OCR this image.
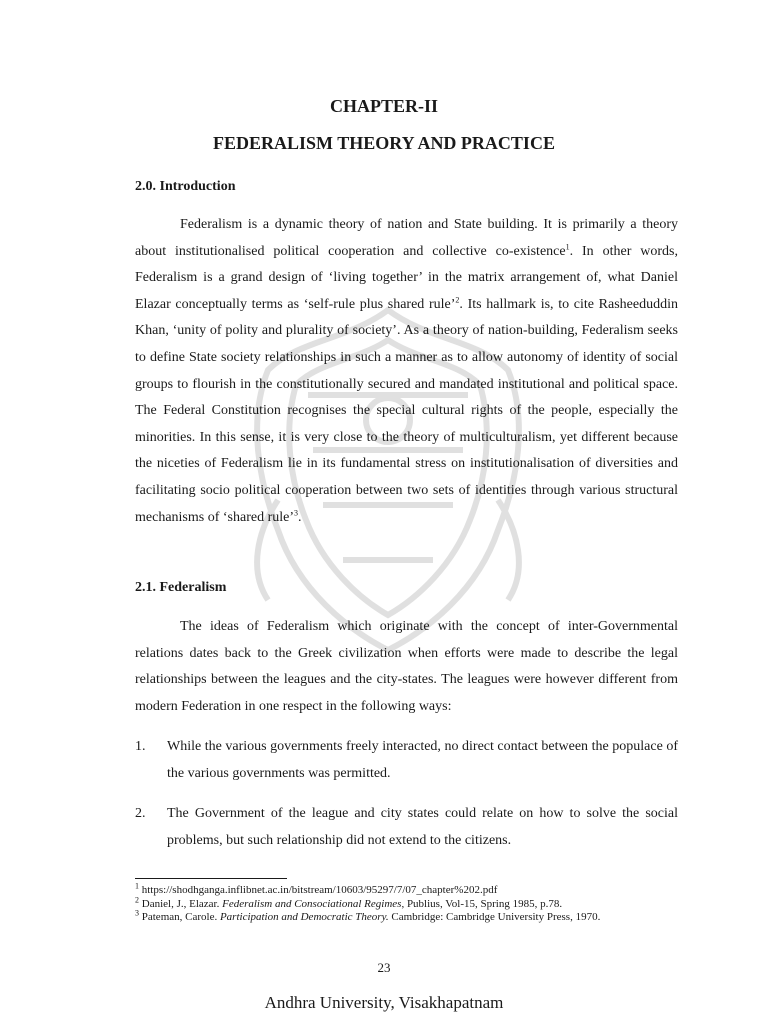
CHAPTER-II
FEDERALISM THEORY AND PRACTICE
2.0. Introduction

Federalism is a dynamic theory of nation and State building. It is primarily a theory about institutionalised political cooperation and collective co-existence$^1$. In other words, Federalism is a grand design of ‘living together’ in the matrix arrangement of, what Daniel Elazar conceptually terms as ‘self-rule plus shared rule’$^2$. Its hallmark is, to cite Rasheeduddin Khan, ‘unity of polity and plurality of society’. As a theory of nation-building, Federalism seeks to define State society relationships in such a manner as to allow autonomy of identity of social groups to flourish in the constitutionally secured and mandated institutional and political space. The Federal Constitution recognises the special cultural rights of the people, especially the minorities. In this sense, it is very close to the theory of multiculturalism, yet different because the niceties of Federalism lie in its fundamental stress on institutionalisation of diversities and facilitating socio political cooperation between two sets of identities through various structural mechanisms of ‘shared rule’$^3$.

2.1. Federalism

The ideas of Federalism which originate with the concept of inter-Governmental relations dates back to the Greek civilization when efforts were made to describe the legal relationships between the leagues and the city-states. The leagues were however different from modern Federation in one respect in the following ways:

1. While the various governments freely interacted, no direct contact between the populace of the various governments was permitted.
2. The Government of the league and city states could relate on how to solve the social problems, but such relationship did not extend to the citizens.
$^1$ https://shodhganga.inflibnet.ac.in/bitstream/10603/95297/7/07_chapter%202.pdf
$^2$ Daniel, J., Elazar. Federalism and Consociational Regimes, Publius, Vol-15, Spring 1985, p.78.
$^3$ Pateman, Carole. Participation and Democratic Theory. Cambridge: Cambridge University Press, 1970.
23
Andhra University, Visakhapatnam
